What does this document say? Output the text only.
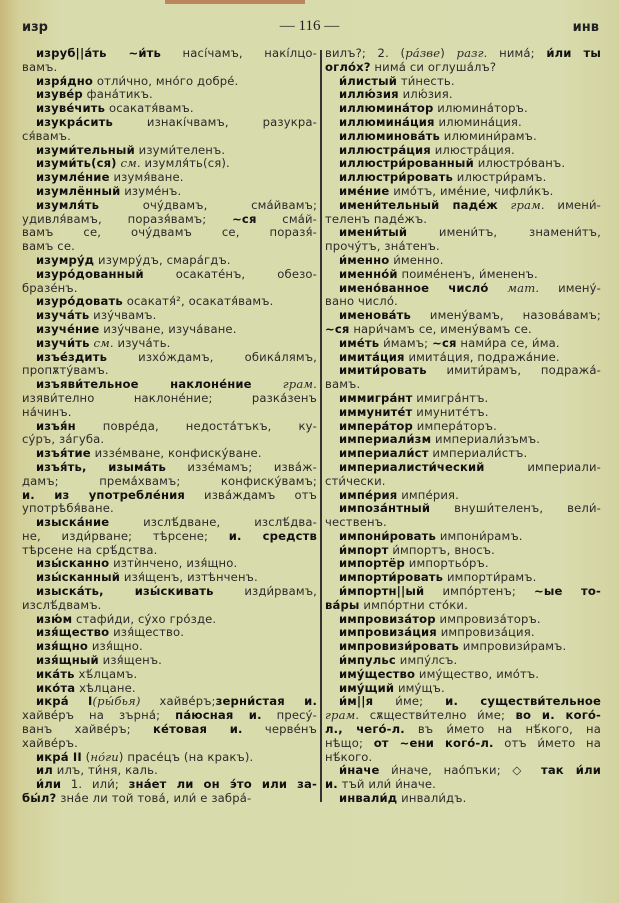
изр	— 116 —	инв
изруб||а́ть ~и́ть насíчамъ, накíлцо-
вамъ.
изря́дно отли́чно, мно́го добре́.
изуве́р фана́тикъ.
изуве́чить осакатя́вамъ.
изукра́сить изнакíчвамъ, разукра-
ся́вамъ.
изуми́тельный изуми́теленъ.
изуми́ть(ся) см. изумля́ть(ся).
изумле́ние изумя́ване.
изумлённый изуме́нъ.
изумля́ть очу́двамъ, сма́йвамъ;
удивля́вамъ, поразя́вамъ; ~ся сма́й-
вамъ се, очу́двамъ се, поразя́-
вамъ се.
изумру́д изумру́дъ, смара́гдъ.
изуро́дованный осакате́нъ, обезо-
бразе́нъ.
изуро́довать осакатя́², осакатя́вамъ.
изуча́ть изу́чвамъ.
изуче́ние изу́чване, изуча́ване.
изучи́ть см. изуча́ть.
изъе́здить изхо́ждамъ, обика́лямъ,
пропѫту́вамъ.
изъяви́тельное наклоне́ние грам.
изяви́телно наклоне́ние; разка́зенъ
на́чинъ.
изъя́н повре́да, недоста́тъкъ, ку-
су́ръ, за́губа.
изъя́тие иззе́мване, конфиску́ване.
изъя́ть, изыма́ть иззе́мамъ; изва́ж-
дамъ; према́хвамъ; конфиску́вамъ;
и. из употребле́ния изва́ждамъ отъ
употрѣбя́ване.
изыска́ние изслѣ́дване, изслѣ́два-
не, изди́рване; тѣрсене; и. средств
тѣрсене на срѣ́дства.
изы́сканно изтѝнчено, изя́щно.
изы́сканный изя́щенъ, изтѣнченъ.
изыска́ть, изы́скивать изди́рвамъ,
изслѣ́двамъ.
изю́м стафи́ди, су́хо гро́зде.
изя́щество изя́щество.
изя́щно изя́щно.
изя́щный изя́щенъ.
ика́ть хѣ́лцамъ.
ико́та хѣлцане.
икра́ I(ры́бья) хайве́ръ;зерни́стая и.
хайве́ръ на зърна́; па́юсная и. пресу́-
ванъ хайве́ръ; ке́товая и. черве́нъ
хайве́ръ.
икра́ II (но́ги) прасе́цъ (на кракъ).
ил илъ, ти́ня, каль.
и́ли 1. или́; зна́ет ли он э́то или за-
бы́л? зна́е ли той това́, или́ е забра́-
вилъ?; 2. (ра́зве) разг. нима́; и́ли ты
огло́х? нима́ си оглуша́лъ?
и́листый ти́несть.
иллю́зия илю́зия.
иллюмина́тор илюмина́торъ.
иллюмина́ция илюмина́ция.
иллюминова́ть илюмини́рамъ.
иллюстра́ция илюстра́ция.
иллюстри́рованный илюстро́ванъ.
иллюстри́ровать илюстри́рамъ.
име́ние имо́тъ, име́ние, чифли́къ.
имени́тельный паде́ж грам. имени́-
теленъ паде́жъ.
имени́тый имени́тъ, знамени́тъ,
прочу́тъ, зна́тенъ.
и́менно и́менно.
именно́й поиме́ненъ, и́мененъ.
имено́ванное число́ мат. имену́-
вано число́.
именова́ть имену́вамъ, назова́вамъ;
~ся нари́чамъ се, имену́вамъ се.
име́ть и́мамъ; ~ся нами́ра се, и́ма.
имита́ция имита́ция, подража́ние.
имити́ровать имити́рамъ, подража́-
вамъ.
иммигра́нт имигра́нтъ.
иммуните́т имуните́тъ.
импера́тор импера́торъ.
империали́зм империали́зъмъ.
империали́ст империали́стъ.
империалисти́ческий империали-
сти́чески.
импе́рия импе́рия.
импоза́нтный внуши́теленъ, вели́-
чественъ.
импони́ровать импони́рамъ.
и́мпорт и́мпортъ, вносъ.
импортёр импортьо́ръ.
импорти́ровать импорти́рамъ.
и́мпортн||ый импо́ртенъ; ~ые то-
ва́ры импо́ртни сто́ки.
импровиза́тор импровиза́торъ.
импровиза́ция импровиза́ция.
импровизи́ровать импровизи́рамъ.
и́мпульс импу́лсъ.
иму́щество иму́щество, имо́тъ.
иму́щий иму́щъ.
и́м||я и́ме; и. существи́тельное
грам. сѫществи́телно и́ме; во и. кого́-
л., чего́-л. въ и́мето на нѣ́кого, на
нѣщо; от ~ени кого́-л. отъ и́мето на
нѣ́кого.
и́наче и́наче, нао́пъки; ◇ так и́ли
и. тъй или́ и́наче.
инвали́д инвали́дъ.
